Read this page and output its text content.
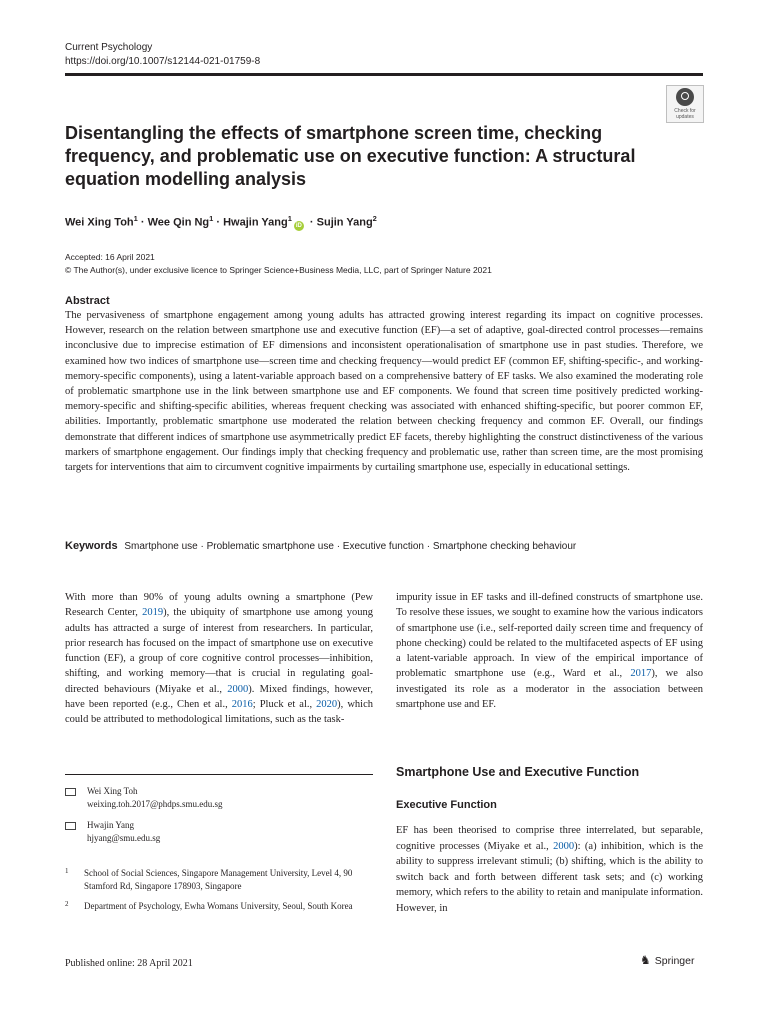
Current Psychology
https://doi.org/10.1007/s12144-021-01759-8
Check for updates
Disentangling the effects of smartphone screen time, checking frequency, and problematic use on executive function: A structural equation modelling analysis
Wei Xing Toh$^1$ · Wee Qin $Ng^1$ · Hwajin Yang$^1$iD · Sujin Yang$^2$
Accepted: 16 April 2021
© The Author(s), under exclusive licence to Springer Science+Business Media, LLC, part of Springer Nature 2021
Abstract
The pervasiveness of smartphone engagement among young adults has attracted growing interest regarding its impact on cognitive processes. However, research on the relation between smartphone use and executive function (EF)—a set of adaptive, goal-directed control processes—remains inconclusive due to imprecise estimation of EF dimensions and inconsistent operationalisation of smartphone use in past studies. Therefore, we examined how two indices of smartphone use—screen time and checking frequency—would predict EF (common EF, shifting-specific-, and working-memory-specific components), using a latent-variable approach based on a comprehensive battery of EF tasks. We also examined the moderating role of problematic smartphone use in the link between smartphone use and EF components. We found that screen time positively predicted working-memory-specific and shifting-specific abilities, whereas frequent checking was associated with enhanced shifting-specific, but poorer common EF, abilities. Importantly, problematic smartphone use moderated the relation between checking frequency and common EF. Overall, our findings demonstrate that different indices of smartphone use asymmetrically predict EF facets, thereby highlighting the construct distinctiveness of the various markers of smartphone engagement. Our findings imply that checking frequency and problematic use, rather than screen time, are the most promising targets for interventions that aim to circumvent cognitive impairments by curtailing smartphone use, especially in educational settings.
Keywords Smartphone use · Problematic smartphone use · Executive function · Smartphone checking behaviour
With more than 90% of young adults owning a smartphone (Pew Research Center, 2019), the ubiquity of smartphone use among young adults has attracted a surge of interest from researchers. In particular, prior research has focused on the impact of smartphone use on executive function (EF), a group of core cognitive control processes—inhibition, shifting, and working memory—that is crucial in regulating goal-directed behaviours (Miyake et al., 2000). Mixed findings, however, have been reported (e.g., Chen et al., 2016; Pluck et al., 2020), which could be attributed to methodological limitations, such as the task-
impurity issue in EF tasks and ill-defined constructs of smartphone use. To resolve these issues, we sought to examine how the various indicators of smartphone use (i.e., self-reported daily screen time and frequency of phone checking) could be related to the multifaceted aspects of EF using a latent-variable approach. In view of the empirical importance of problematic smartphone use (e.g., Ward et al., 2017), we also investigated its role as a moderator in the association between smartphone use and EF.
Smartphone Use and Executive Function
Executive Function
EF has been theorised to comprise three interrelated, but separable, cognitive processes (Miyake et al., 2000): (a) inhibition, which is the ability to suppress irrelevant stimuli; (b) shifting, which is the ability to switch back and forth between different task sets; and (c) working memory, which refers to the ability to retain and manipulate information. However, in
Wei Xing Toh
weixing.toh.2017@phdps.smu.edu.sg
Hwajin Yang
hjyang@smu.edu.sg
1 School of Social Sciences, Singapore Management University, Level 4, 90 Stamford Rd, Singapore 178903, Singapore
2 Department of Psychology, Ewha Womans University, Seoul, South Korea
Published online: 28 April 2021	♞ Springer
